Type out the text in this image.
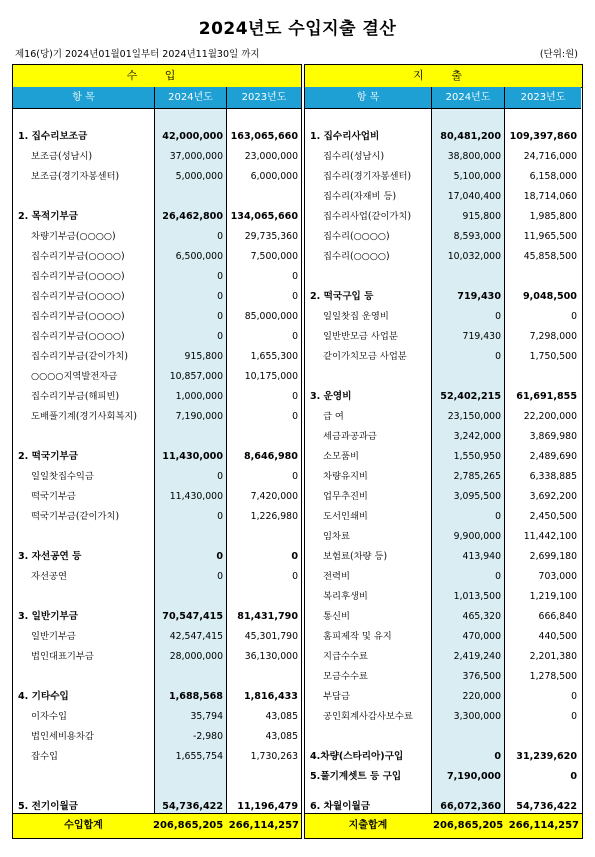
2024년도 수입지출 결산
제16(당)기 2024년01월01일부터 2024년11월30일 까지	(단위:원)
수 입
항 목	2024년도	2023년도
1. 집수리보조금	42,000,000 163,065,660
보조금(성남시)	37,000,000 23,000,000
보조금(경기자봉센터)	5,000,000	6,000,000
2. 목적기부금	26,462,800 134,065,660
차량기부금(○○○○)	0 29,735,360
집수리기부금(○○○○)	6,500,000	7,500,000
집수리기부금(○○○○)	0	0
집수리기부금(○○○○)	0	0
집수리기부금(○○○○)	0 85,000,000
집수리기부금(○○○○)	0	0
집수리기부금(같이가치)	915,800	1,655,300
○○○○지역발전자금	10,857,000 10,175,000
집수리기부금(해피빈)	1,000,000	0
도배풀기계(경기사회복지)	7,190,000	0
2. 떡국기부금	11,430,000 8,646,980
일일찻집수익금	0	0
떡국기부금	11,430,000	7,420,000
떡국기부금(같이가치)	0	1,226,980
3. 자선공연 등	0	0
자선공연	0	0
3. 일반기부금	70,547,415 81,431,790
일반기부금	42,547,415 45,301,790
법인대표기부금	28,000,000 36,130,000
4. 기타수입	1,688,568 1,816,433
이자수입	35,794	43,085
법인세비용차감	-2,980	43,085
잡수입	1,655,754	1,730,263
5. 전기이월금	54,736,422 11,196,479
수입합계	206,865,205 266,114,257
지 출
항 목	2024년도	2023년도
1. 집수리사업비	80,481,200 109,397,860
집수리(성남시)	38,800,000 24,716,000
집수리(경기자봉센터)	5,100,000	6,158,000
집수리(자재비 등)	17,040,400 18,714,060
집수리사업(같이가치)	915,800	1,985,800
집수리(○○○○)	8,593,000 11,965,500
집수리(○○○○)	10,032,000 45,858,500
2. 떡국구입 등	719,430 9,048,500
일일찻집 운영비	0	0
일반반모금 사업분	719,430	7,298,000
같이가치모금 사업분	0	1,750,500
3. 운영비	52,402,215 61,691,855
급 여	23,150,000 22,200,000
세금과공과금	3,242,000	3,869,980
소모품비	1,550,950	2,489,690
차량유지비	2,785,265	6,338,885
업무추진비	3,095,500	3,692,200
도서인쇄비	0	2,450,500
임차료	9,900,000 11,442,100
보험료(차량 등)	413,940	2,699,180
전력비	0	703,000
복리후생비	1,013,500	1,219,100
통신비	465,320	666,840
홈피제작 및 유지	470,000	440,500
지급수수료	2,419,240	2,201,380
모금수수료	376,500	1,278,500
부담금	220,000	0
공인회계사감사보수료	3,300,000	0
4.차량(스타리아)구입	0 31,239,620
5.풀기계셋트 등 구입	7,190,000	0
6. 차월이월금	66,072,360 54,736,422
지출합계	206,865,205 266,114,257
